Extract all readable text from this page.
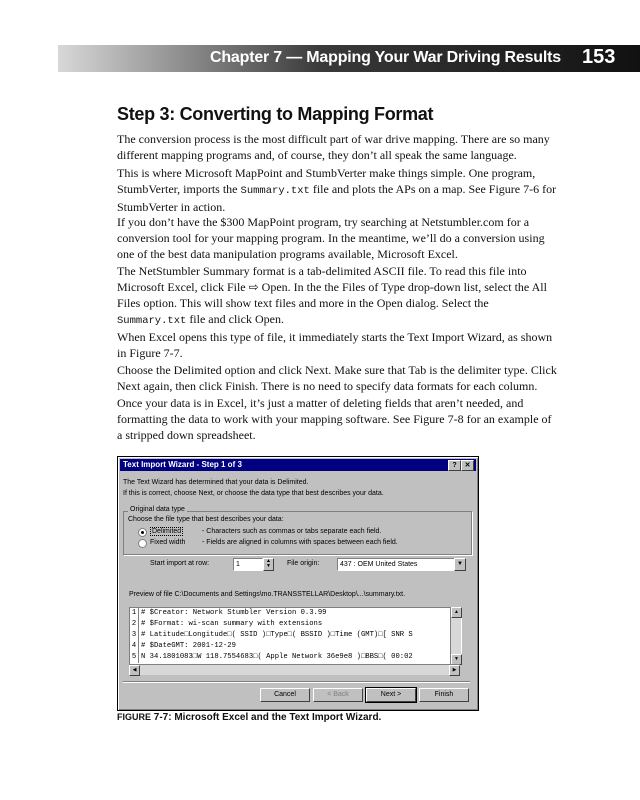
Chapter 7 — Mapping Your War Driving Results 153
Step 3: Converting to Mapping Format

The conversion process is the most difficult part of war drive mapping. There are so many different mapping programs and, of course, they don’t all speak the same language.

This is where Microsoft MapPoint and StumbVerter make things simple. One program, StumbVerter, imports the Summary.txt file and plots the APs on a map. See Figure 7-6 for StumbVerter in action.

If you don’t have the $300 MapPoint program, try searching at Netstumbler.com for a conversion tool for your mapping program. In the meantime, we’ll do a conversion using one of the best data manipulation programs available, Microsoft Excel.

The NetStumbler Summary format is a tab-delimited ASCII file. To read this file into Microsoft Excel, click File ⇨ Open. In the the Files of Type drop-down list, select the All Files option. This will show text files and more in the Open dialog. Select the Summary.txt file and click Open.

When Excel opens this type of file, it immediately starts the Text Import Wizard, as shown in Figure 7-7.

Choose the Delimited option and click Next. Make sure that Tab is the delimiter type. Click Next again, then click Finish. There is no need to specify data formats for each column.

Once your data is in Excel, it’s just a matter of deleting fields that aren’t needed, and formatting the data to work with your mapping software. See Figure 7-8 for an example of a stripped down spreadsheet.

Text Import Wizard - Step 1 of 3	?	✕
The Text Wizard has determined that your data is Delimited.
If this is correct, choose Next, or choose the data type that best describes your data.
Original data type
Choose the file type that best describes your data:
Delimited	- Characters such as commas or tabs separate each field.
Fixed width - Fields are aligned in columns with spaces between each field.
Start import at row:	1	▲
▼	File origin:	437 : OEM United States	▼
Preview of file C:\Documents and Settings\mo.TRANSSTELLAR\Desktop\...\summary.txt.
1 # $Creator: Network Stumbler Version 0.3.99
2 # $Format: wi-scan summary with extensions
3 # Latitude□Longitude□( SSID )□Type□( BSSID )□Time (GMT)□[ SNR S
4 # $DateGMT: 2001-12-29
5 N 34.1801083□W 118.7554683□( Apple Network 36e9e8 )□BBS□( 00:02
▲
▼
◀	▶
Cancel	< Back	Next >	Finish
FIGURE 7-7: Microsoft Excel and the Text Import Wizard.
